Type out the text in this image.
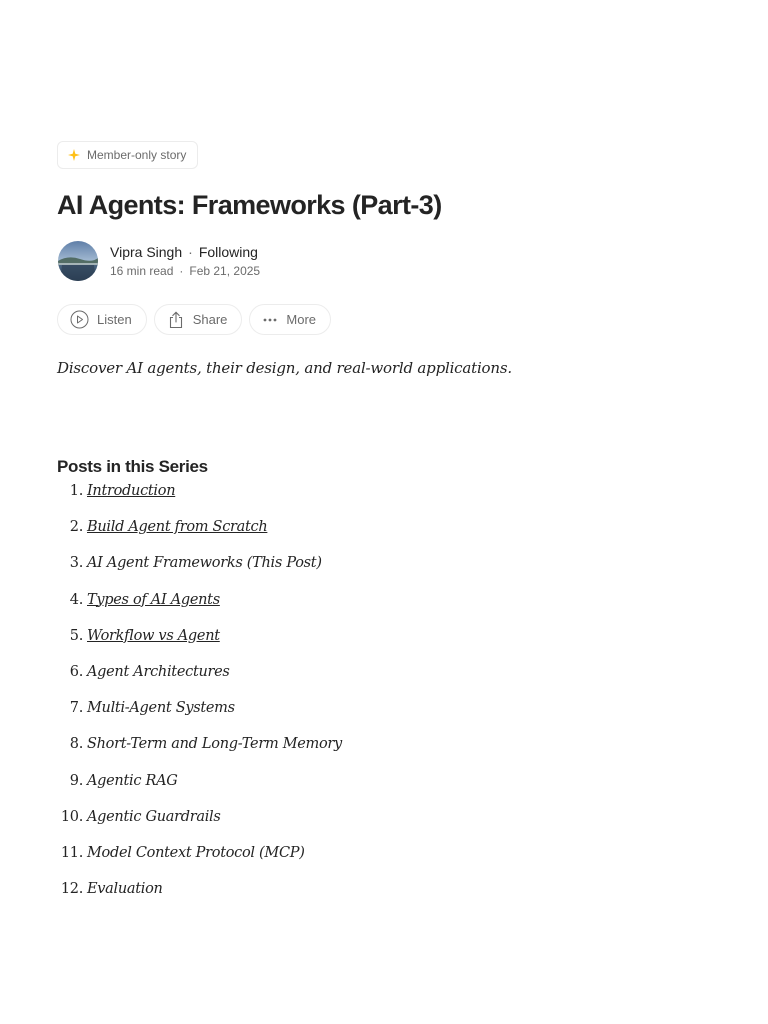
Member-only story
AI Agents: Frameworks (Part-3)
Vipra Singh · Following
16 min read · Feb 21, 2025
Listen	Share	More
Discover AI agents, their design, and real-world applications.
Posts in this Series
1 . Introduction
2 . Build Agent from Scratch
3 . AI Agent Frameworks (This Post)
4 . Types of AI Agents
5 . Workflow vs Agent
6 . Agent Architectures
7 . Multi-Agent Systems
8 . Short-Term and Long-Term Memory
9 . Agentic RAG
10 . Agentic Guardrails
11 . Model Context Protocol (MCP)
12 . Evaluation
